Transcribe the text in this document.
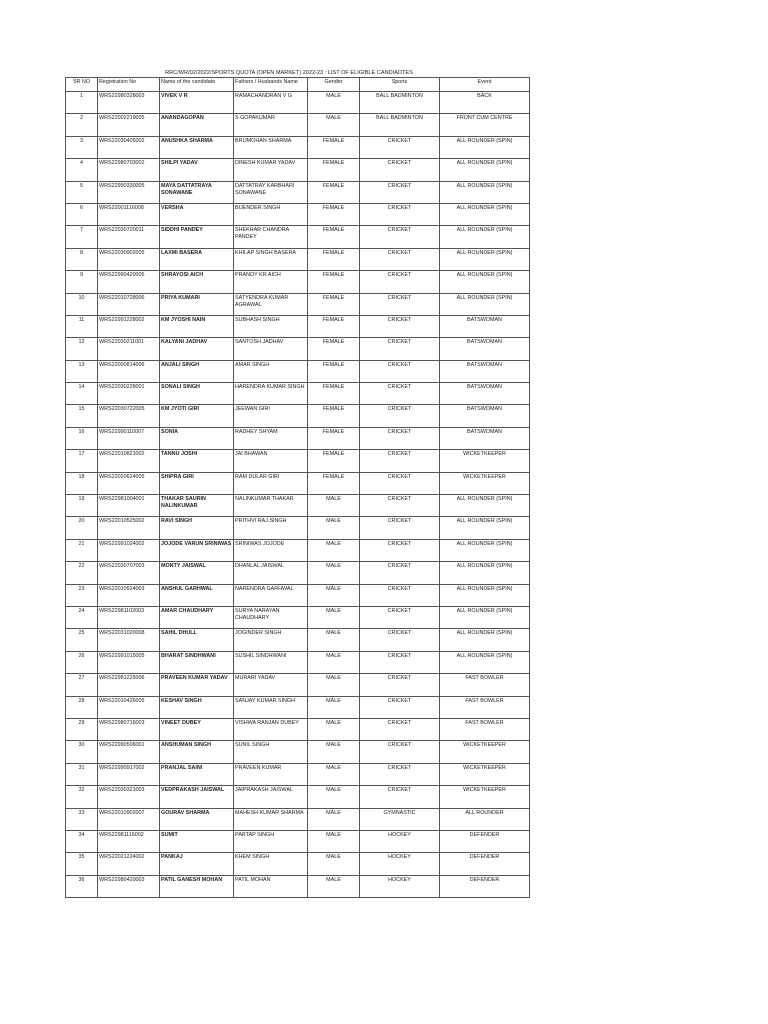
RRC/WR/02/2022/SPORTS QUOTA (OPEN MARKET) 2022-23 : LIST OF ELIGIBLE CANDIADTES
SR NO	Registration No	Name of the candidate	Fathers / Husbands Name	Gender	Sports	Event
1	WRS22980328003	VIVEK V R	RAMACHANDRAN V G	MALE	BALL BADMINTON	BACK
2	WRS22002219005	ANANDAGOPAN	S GOPAKUMAR	MALE	BALL BADMINTON	FRONT CUM CENTRE
3	WRS22030405002	ANUSHKA SHARMA	BRIJMOHAN SHARMA	FEMALE	CRICKET	ALL ROUNDER (SPIN)
4	WRS22980703002	SHILPI YADAV	DINESH KUMAR YADAV	FEMALE	CRICKET	ALL ROUNDER (SPIN)
5	WRS22990330005	MAYA DATTATRAYA SONAWANE	DATTATRAY KARBHARI SONAWANE	FEMALE	CRICKET	ALL ROUNDER (SPIN)
6	WRS22001116008	VERSHA	BIJENDER SINGH	FEMALE	CRICKET	ALL ROUNDER (SPIN)
7	WRS22030720011	SIDDHI PANDEY	SHEKHAR CHANDRA PANDEY	FEMALE	CRICKET	ALL ROUNDER (SPIN)
8	WRS22030902005	LAXMI BASERA	KHILAP SINGH BASERA	FEMALE	CRICKET	ALL ROUNDER (SPIN)
9	WRS22990420005	SHRAYOSI AICH	PRANOY KR AICH	FEMALE	CRICKET	ALL ROUNDER (SPIN)
10	WRS22010728006	PRIYA KUMARI	SATYENDRA KUMAR AGRAWAL	FEMALE	CRICKET	ALL ROUNDER (SPIN)
11	WRS22991228002	KM JYOSHI NAIN	SUBHASH SINGH	FEMALE	CRICKET	BATSWOMAN
12	WRS22030211001	KALYANI JADHAV	SANTOSH JADHAV	FEMALE	CRICKET	BATSWOMAN
13	WRS22000814006	ANJALI SINGH	AMAR SINGH	FEMALE	CRICKET	BATSWOMAN
14	WRS22030228001	SONALI SINGH	HARENDRA KUMAR SINGH	FEMALE	CRICKET	BATSWOMAN
15	WRS22030722005	KM JYOTI GIRI	JEEWAN GIRI	FEMALE	CRICKET	BATSWOMAN
16	WRS22990110007	SONIA	RADHEY SHYAM	FEMALE	CRICKET	BATSWOMAN
17	WRS22010821002	TANNU JOSHI	JAI BHAWAN	FEMALE	CRICKET	WICKETKEEPER
18	WRS22020624005	SHIPRA GIRI	RAM DULAR GIRI	FEMALE	CRICKET	WICKETKEEPER
19	WRS22981004001	THAKAR SAURIN NALINKUMAR	NALINKUMAR THAKAR	MALE	CRICKET	ALL ROUNDER (SPIN)
20	WRS22010525002	RAVI SINGH	PRITHVI RAJ SINGH	MALE	CRICKET	ALL ROUNDER (SPIN)
21	WRS22991024002	JOJODE VARUN SRINIWAS	SRINIWAS JOJODE	MALE	CRICKET	ALL ROUNDER (SPIN)
22	WRS22030707003	MONTY JAISWAL	DHANLAL JAISWAL	MALE	CRICKET	ALL ROUNDER (SPIN)
23	WRS22010524003	ANSHUL GARHWAL	NARENDRA GARHWAL	MALE	CRICKET	ALL ROUNDER (SPIN)
24	WRS22981102003	AMAR CHAUDHARY	SURYA NARAYAN CHAUDHARY	MALE	CRICKET	ALL ROUNDER (SPIN)
25	WRS22031020008	SAHIL DHULL	JOGINDER SINGH	MALE	CRICKET	ALL ROUNDER (SPIN)
26	WRS22991015005	BHARAT SINDHWANI	SUSHIL SINDHWANI	MALE	CRICKET	ALL ROUNDER (SPIN)
27	WRS22981225006	PRAVEEN KUMAR YADAV	MURARI YADAV	MALE	CRICKET	FAST BOWLER
28	WRS22010426005	KESHAV SINGH	SANJAY KUMAR SINGH	MALE	CRICKET	FAST BOWLER
29	WRS22980716003	VINEET DUBEY	VISHWA RANJAN DUBEY	MALE	CRICKET	FAST BOWLER
30	WRS22990506001	ANSHUMAN SINGH	SUNIL SINGH	MALE	CRICKET	WICKETKEEPER
31	WRS22990917002	PRANJAL SAINI	PRAVEEN KUMAR	MALE	CRICKET	WICKETKEEPER
32	WRS22030321003	VEDPRAKASH JAISWAL	JAIPRAKASH JAISWAL	MALE	CRICKET	WICKETKEEPER
33	WRS22010902007	GOURAV SHARMA	MAHESH KUMAR SHARMA	MALE	GYMNASTIC	ALL ROUNDER
34	WRS22981116002	SUMIT	PARTAP SINGH	MALE	HOCKEY	DEFENDER
35	WRS22021224002	PANKAJ	KHEM SINGH	MALE	HOCKEY	DEFENDER
36	WRS22980420003	PATIL GANESH MOHAN	PATIL MOHAN	MALE	HOCKEY	DEFENDER
